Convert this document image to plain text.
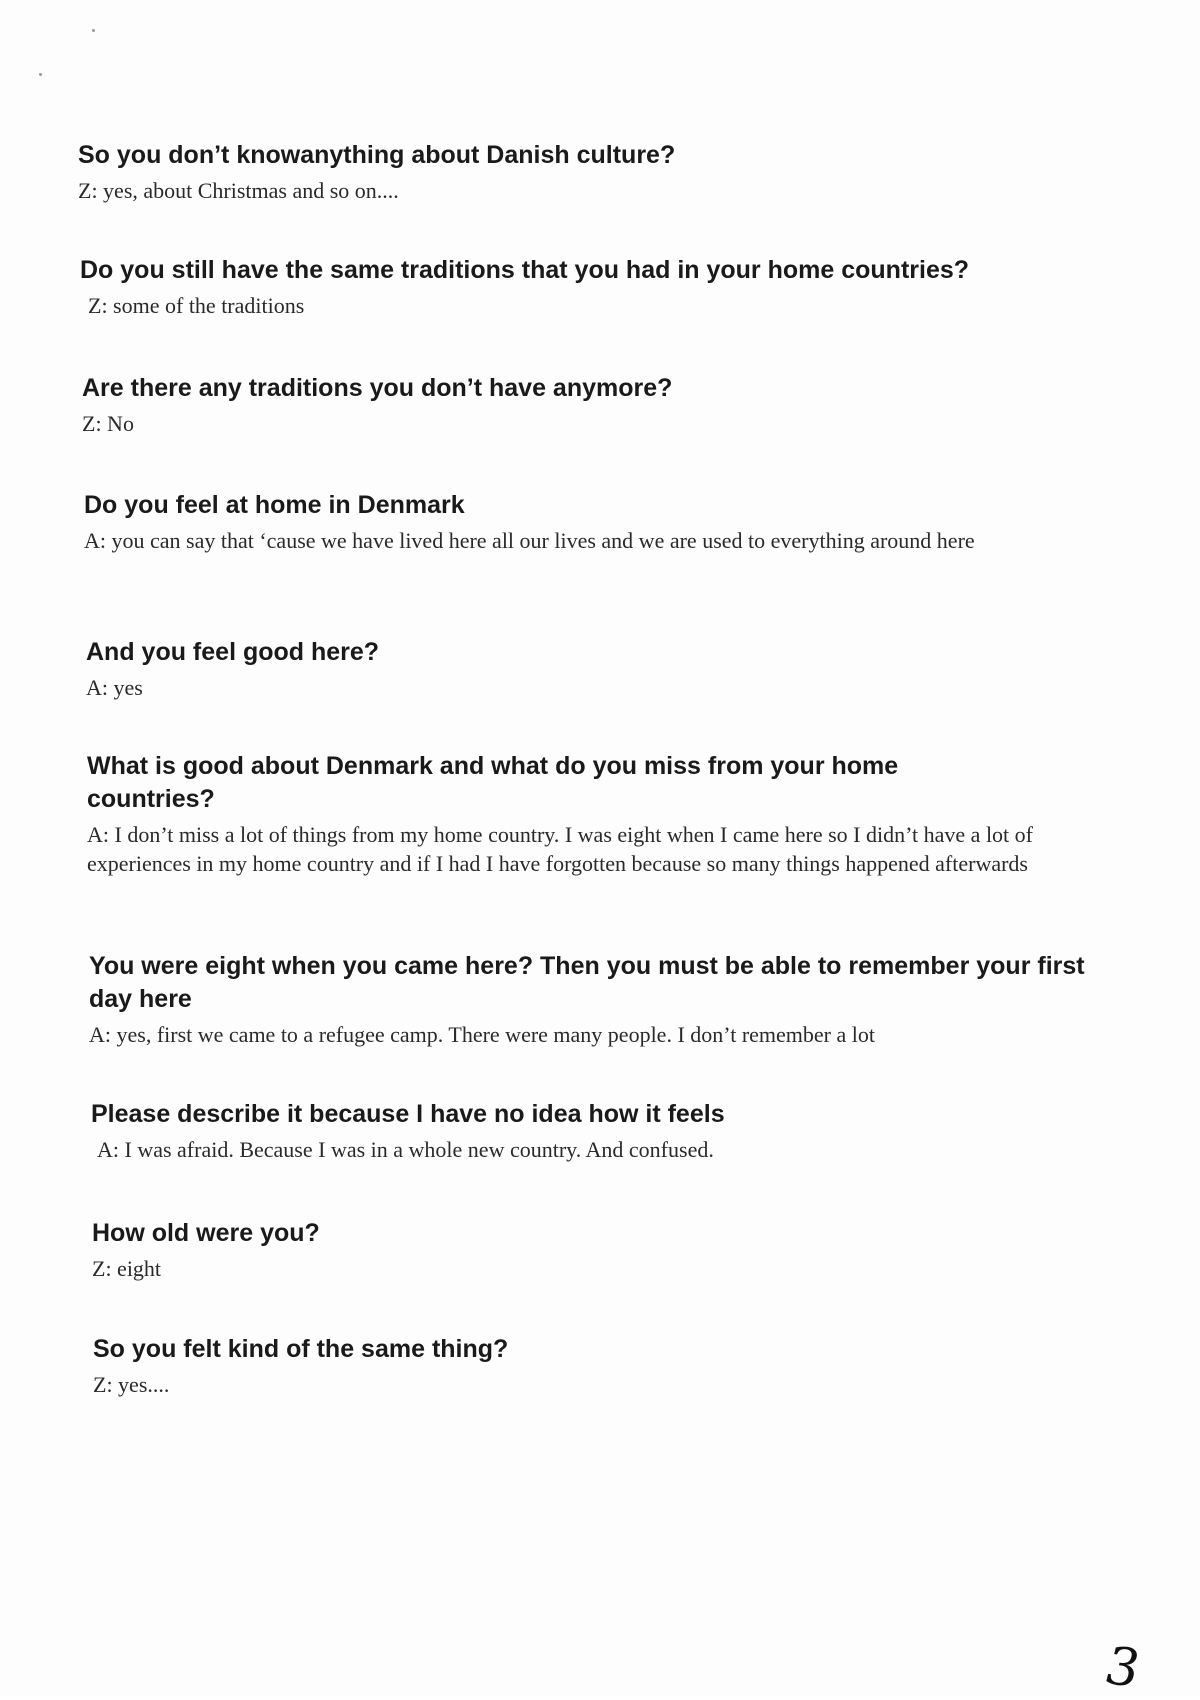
So you don’t knowanything about Danish culture?

Z: yes, about Christmas and so on....

Do you still have the same traditions that you had in your home countries?

Z: some of the traditions

Are there any traditions you don’t have anymore?

Z: No

Do you feel at home in Denmark

A: you can say that ‘cause we have lived here all our lives and we are used to everything around here

And you feel good here?

A: yes

What is good about Denmark and what do you miss from your home countries?

A: I don’t miss a lot of things from my home country. I was eight when I came here so I didn’t have a lot of experiences in my home country and if I had I have forgotten because so many things happened afterwards

You were eight when you came here? Then you must be able to remember your first day here

A: yes, first we came to a refugee camp. There were many people. I don’t remember a lot

Please describe it because I have no idea how it feels

A: I was afraid. Because I was in a whole new country. And confused.

How old were you?

Z: eight

So you felt kind of the same thing?

Z: yes....

3
